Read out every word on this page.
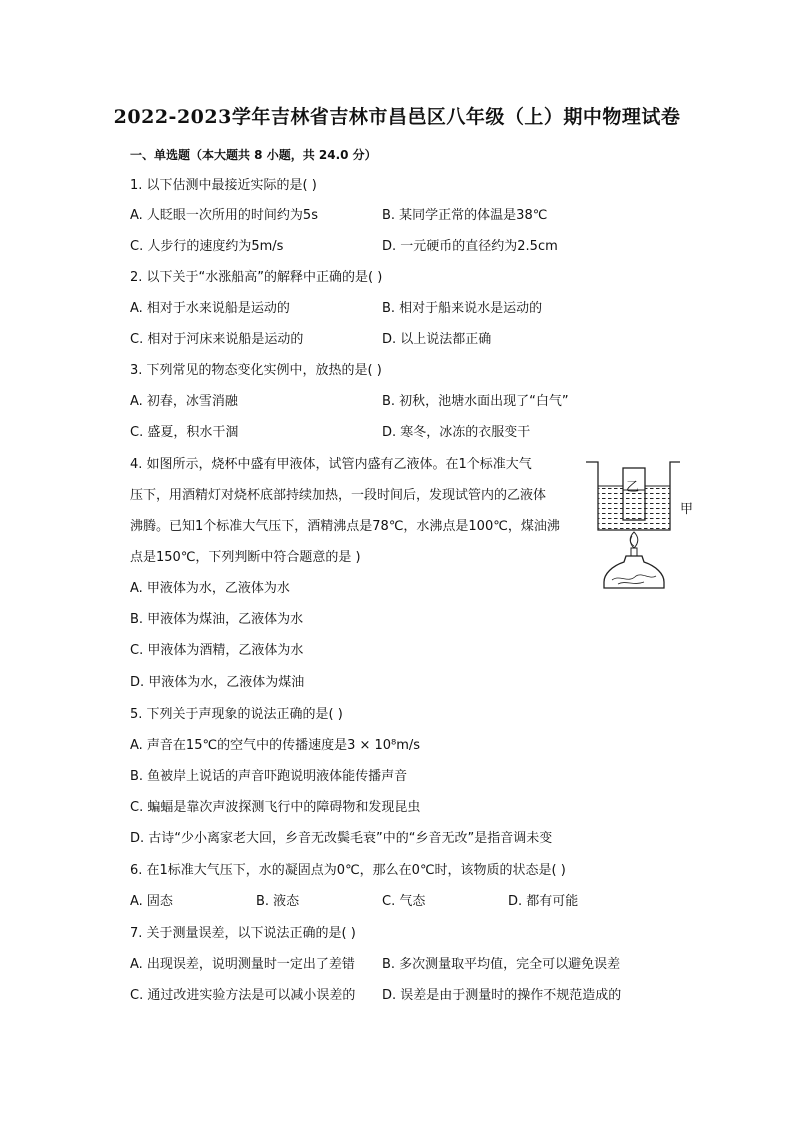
2022-2023学年吉林省吉林市昌邑区八年级（上）期中物理试卷
一、单选题（本大题共 8 小题，共 24.0 分）
1. 以下估测中最接近实际的是( )
A. 人眨眼一次所用的时间约为5s	B. 某同学正常的体温是38℃
C. 人步行的速度约为5m/s	D. 一元硬币的直径约为2.5cm
2. 以下关于“水涨船高”的解释中正确的是( )
A. 相对于水来说船是运动的	B. 相对于船来说水是运动的
C. 相对于河床来说船是运动的	D. 以上说法都正确
3. 下列常见的物态变化实例中，放热的是( )
A. 初春，冰雪消融	B. 初秋，池塘水面出现了“白气”
C. 盛夏，积水干涸	D. 寒冬，冰冻的衣服变干
4. 如图所示，烧杯中盛有甲液体，试管内盛有乙液体。在1个标准大气
压下，用酒精灯对烧杯底部持续加热，一段时间后，发现试管内的乙液体
沸腾。已知1个标准大气压下，酒精沸点是78℃，水沸点是100℃，煤油沸
点是150℃，下列判断中符合题意的是 )
A. 甲液体为水，乙液体为水
B. 甲液体为煤油，乙液体为水
C. 甲液体为酒精，乙液体为水
D. 甲液体为水，乙液体为煤油
乙
甲
5. 下列关于声现象的说法正确的是( )
A. 声音在15℃的空气中的传播速度是3 × 10⁸m/s
B. 鱼被岸上说话的声音吓跑说明液体能传播声音
C. 蝙蝠是靠次声波探测飞行中的障碍物和发现昆虫
D. 古诗“少小离家老大回，乡音无改鬓毛衰”中的“乡音无改”是指音调未变
6. 在1标准大气压下，水的凝固点为0℃，那么在0℃时，该物质的状态是( )
A. 固态	B. 液态	C. 气态	D. 都有可能
7. 关于测量误差，以下说法正确的是( )
A. 出现误差，说明测量时一定出了差错 B. 多次测量取平均值，完全可以避免误差
C. 通过改进实验方法是可以减小误差的 D. 误差是由于测量时的操作不规范造成的
